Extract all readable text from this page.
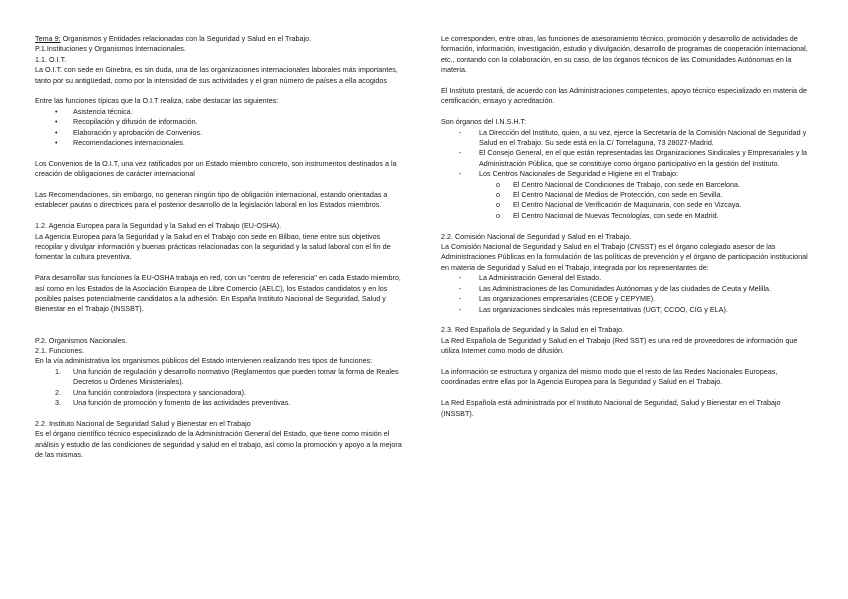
Tema 9: Organismos y Entidades relacionadas con la Seguridad y Salud en el Trabajo.

P.1.Instituciones y Organismos Internacionales.

1.1. O.I.T.

La O.I.T. con sede en Ginebra, es sin duda, una de las organizaciones internacionales laborales más importantes, tanto por su antigüedad, como por la intensidad de sus actividades y el gran número de países a ella acogidos

Entre las funciones típicas que la O.I.T realiza, cabe destacar las siguientes:

• Asistencia técnica.
• Recopilación y difusión de información.
• Elaboración y aprobación de Convenios.
• Recomendaciones internacionales.

Los Convenios de la O.I.T, una vez ratificados por un Estado miembro concreto, son instrumentos destinados a la creación de obligaciones de carácter internacional

Las Recomendaciones, sin embargo, no generan ningún tipo de obligación internacional, estando orientadas a establecer pautas o directrices para el posterior desarrollo de la legislación laboral en los Estados miembros.

1.2. Agencia Europea para la Seguridad y la Salud en el Trabajo (EU-OSHA).

La Agencia Europea para la Seguridad y la Salud en el Trabajo con sede en Bilbao, tiene entre sus objetivos recopilar y divulgar información y buenas prácticas relacionadas con la seguridad y la salud laboral con el fin de fomentar la cultura preventiva.

Para desarrollar sus funciones la EU-OSHA trabaja en red, con un "centro de referencia" en cada Estado miembro, así como en los Estados de la Asociación Europea de Libre Comercio (AELC), los Estados candidatos y en los posibles países potencialmente candidatos a la adhesión. En España Instituto Nacional de Seguridad, Salud y Bienestar en el Trabajo (INSSBT).

P.2. Organismos Nacionales.

2.1. Funciones.

En la vía administrativa los organismos públicos del Estado intervienen realizando tres tipos de funciones:

1. Una función de regulación y desarrollo normativo (Reglamentos que pueden tomar la forma de Reales Decretos u Órdenes Ministeriales).
2. Una función controladora (inspectora y sancionadora).
3. Una función de promoción y fomento de las actividades preventivas.

2.2. Instituto Nacional de Seguridad Salud y Bienestar en el Trabajo

Es el órgano científico técnico especializado de la Administración General del Estado, que tiene como misión el análisis y estudio de las condiciones de seguridad y salud en el trabajo, así como la promoción y apoyo a la mejora de las mismas.

Le corresponden, entre otras, las funciones de asesoramiento técnico, promoción y desarrollo de actividades de formación, información, investigación, estudio y divulgación, desarrollo de programas de cooperación internacional, etc., contando con la colaboración, en su caso, de los órganos técnicos de las Comunidades Autónomas en la materia.

El Instituto prestará, de acuerdo con las Administraciones competentes, apoyo técnico especializado en materia de certificación, ensayo y acreditación.

Son órganos del I.N.S.H.T:

- La Dirección del Instituto, quien, a su vez, ejerce la Secretaría de la Comisión Nacional de Seguridad y Salud en el Trabajo. Su sede está en la C/ Torrelaguna, 73 28027-Madrid.
- El Consejo General, en el que están representadas las Organizaciones Sindicales y Empresariales y la Administración Pública, que se constituye como órgano participativo en la gestión del Instituto.
- Los Centros Nacionales de Seguridad e Higiene en el Trabajo:
o El Centro Nacional de Condiciones de Trabajo, con sede en Barcelona.
o El Centro Nacional de Medios de Protección, con sede en Sevilla.
o El Centro Nacional de Verificación de Maquinaria, con sede en Vizcaya.
o El Centro Nacional de Nuevas Tecnologías, con sede en Madrid.

2.2. Comisión Nacional de Seguridad y Salud en el Trabajo.

La Comisión Nacional de Seguridad y Salud en el Trabajo (CNSST) es el órgano colegiado asesor de las Administraciones Públicas en la formulación de las políticas de prevención y el órgano de participación institucional en materia de Seguridad y Salud en el Trabajo, integrada por los representantes de:

- La Administración General del Estado.
- Las Administraciones de las Comunidades Autónomas y de las ciudades de Ceuta y Melilla.
- Las organizaciones empresariales (CEOE y CEPYME).
- Las organizaciones sindicales más representativas (UGT, CCOO, CIG y ELA).

2.3. Red Española de Seguridad y la Salud en el Trabajo.

La Red Española de Seguridad y Salud en el Trabajo (Red SST) es una red de proveedores de información que utiliza Internet como modo de difusión.

La información se estructura y organiza del mismo modo que el resto de las Redes Nacionales Europeas, coordinadas entre ellas por la Agencia Europea para la Seguridad y Salud en el Trabajo.

La Red Española está administrada por el Instituto Nacional de Seguridad, Salud y Bienestar en el Trabajo (INSSBT).
